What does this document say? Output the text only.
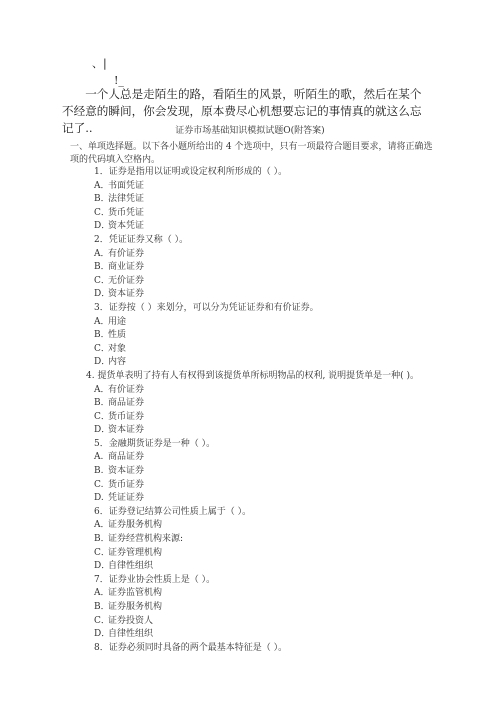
、|
!_
一个人总是走陌生的路，看陌生的风景，听陌生的歌，然后在某个不经意的瞬间，你会发现，原本费尽心机想要忘记的事情真的就这么忘记了..	证券市场基础知识模拟试题O(附答案)
一、单项选择题。以下各小题所给出的 4 个选项中，只有一项最符合题目要求，请将正确选项的代码填入空格内。
1．证券是指用以证明或设定权利所形成的（ ）。
A．书面凭证
B．法律凭证
C．货币凭证
D．资本凭证
2．凭证证券又称（ ）。
A．有价证券
B．商业证券
C．无价证券
D．资本证券
3．证券按（ ）来划分，可以分为凭证证券和有价证券。
A．用途
B．性质
C．对象
D．内容
4. 提货单表明了持有人有权得到该提货单所标明物品的权利, 说明提货单是一种( )。
A．有价证券
B．商品证券
C．货币证券
D．资本证券
5．金融期货证券是一种（ ）。
A. 商品证券
B. 资本证券
C. 货币证券
D. 凭证证券
6．证券登记结算公司性质上属于（ ）。
A．证券服务机构
B．证券经营机构来源:
C．证券管理机构
D．自律性组织
7．证券业协会性质上是（ ）。
A．证券监管机构
B．证券服务机构
C．证券投资人
D．自律性组织
8．证券必须同时具备的两个最基本特征是（ ）。
